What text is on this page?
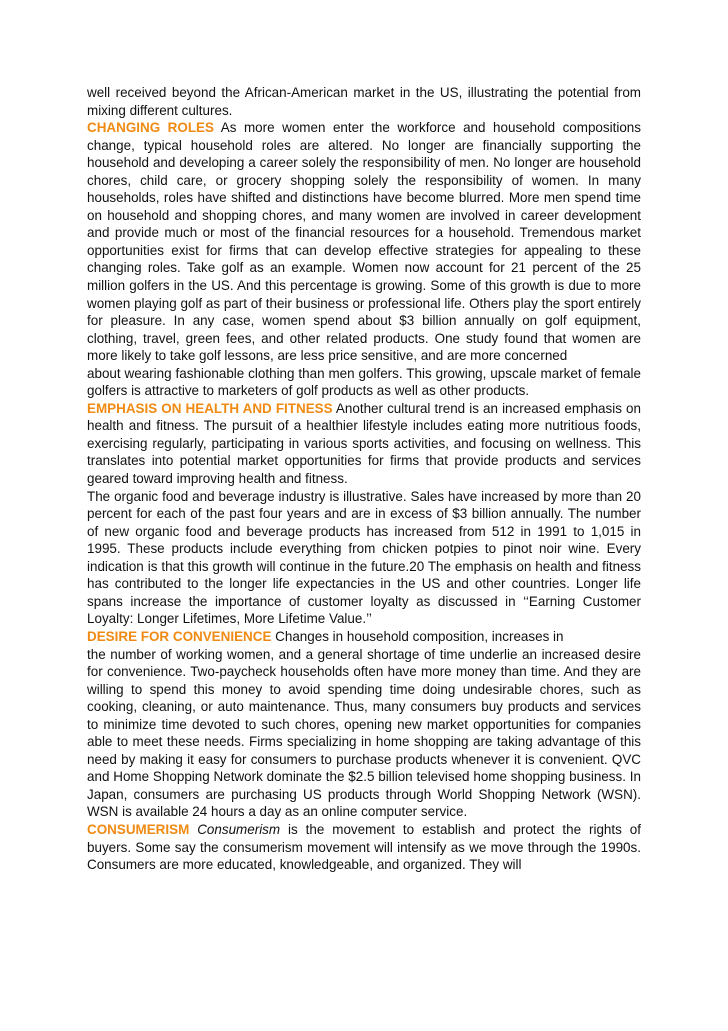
well received beyond the African-American market in the US, illustrating the potential from mixing different cultures.

CHANGING ROLES As more women enter the workforce and household compositions change, typical household roles are altered. No longer are financially supporting the household and developing a career solely the responsibility of men. No longer are household chores, child care, or grocery shopping solely the responsibility of women. In many households, roles have shifted and distinctions have become blurred. More men spend time on household and shopping chores, and many women are involved in career development and provide much or most of the financial resources for a household. Tremendous market opportunities exist for firms that can develop effective strategies for appealing to these changing roles. Take golf as an example. Women now account for 21 percent of the 25 million golfers in the US. And this percentage is growing. Some of this growth is due to more women playing golf as part of their business or professional life. Others play the sport entirely for pleasure. In any case, women spend about $3 billion annually on golf equipment, clothing, travel, green fees, and other related products. One study found that women are more likely to take golf lessons, are less price sensitive, and are more concerned

about wearing fashionable clothing than men golfers. This growing, upscale market of female golfers is attractive to marketers of golf products as well as other products.

EMPHASIS ON HEALTH AND FITNESS Another cultural trend is an increased emphasis on health and fitness. The pursuit of a healthier lifestyle includes eating more nutritious foods, exercising regularly, participating in various sports activities, and focusing on wellness. This translates into potential market opportunities for firms that provide products and services geared toward improving health and fitness.

The organic food and beverage industry is illustrative. Sales have increased by more than 20 percent for each of the past four years and are in excess of $3 billion annually. The number of new organic food and beverage products has increased from 512 in 1991 to 1,015 in 1995. These products include everything from chicken potpies to pinot noir wine. Every indication is that this growth will continue in the future.20 The emphasis on health and fitness has contributed to the longer life expectancies in the US and other countries. Longer life spans increase the importance of customer loyalty as discussed in ‘‘Earning Customer Loyalty: Longer Lifetimes, More Lifetime Value.’’

DESIRE FOR CONVENIENCE Changes in household composition, increases in

the number of working women, and a general shortage of time underlie an increased desire for convenience. Two-paycheck households often have more money than time. And they are willing to spend this money to avoid spending time doing undesirable chores, such as cooking, cleaning, or auto maintenance. Thus, many consumers buy products and services to minimize time devoted to such chores, opening new market opportunities for companies able to meet these needs. Firms specializing in home shopping are taking advantage of this need by making it easy for consumers to purchase products whenever it is convenient. QVC and Home Shopping Network dominate the $2.5 billion televised home shopping business. In Japan, consumers are purchasing US products through World Shopping Network (WSN). WSN is available 24 hours a day as an online computer service.

CONSUMERISM Consumerism is the movement to establish and protect the rights of buyers. Some say the consumerism movement will intensify as we move through the 1990s. Consumers are more educated, knowledgeable, and organized. They will
